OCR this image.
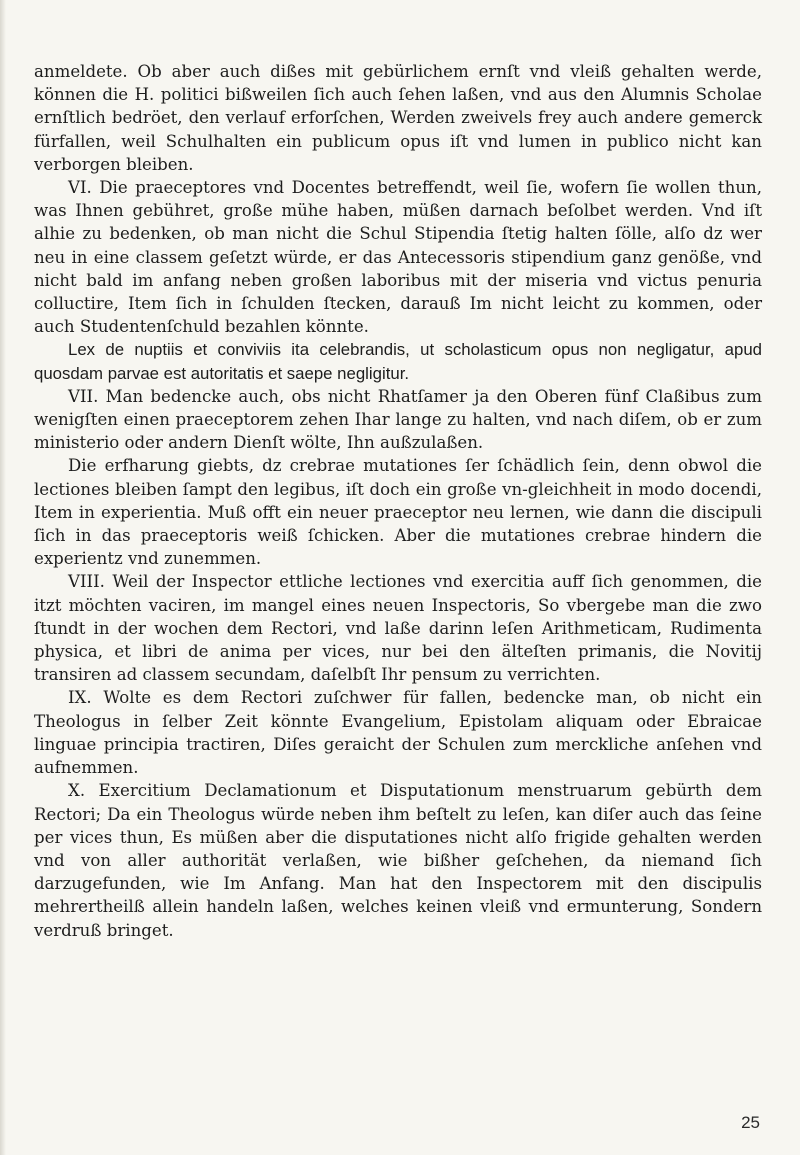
anmeldete. Ob aber auch dißes mit gebürlichem ernſt vnd vleiß gehalten werde, können die H. politici bißweilen ſich auch ſehen laßen, vnd aus den Alumnis Scholae ernſtlich bedröet, den verlauf erforſchen, Werden zweivels frey auch andere gemerck fürfallen, weil Schulhalten ein publicum opus iſt vnd lumen in publico nicht kan verborgen bleiben.

VI. Die praeceptores vnd Docentes betreffendt, weil ſie, wofern ſie wollen thun, was Ihnen gebühret, große mühe haben, müßen darnach beſolbet werden. Vnd iſt alhie zu bedenken, ob man nicht die Schul Stipendia ſtetig halten ſölle, alſo dz wer neu in eine classem geſetzt würde, er das Antecessoris stipendium ganz genöße, vnd nicht bald im anfang neben großen laboribus mit der miseria vnd victus penuria colluctire, Item ſich in ſchulden ſtecken, darauß Im nicht leicht zu kommen, oder auch Studentenſchuld bezahlen könnte.

Lex de nuptiis et conviviis ita celebrandis, ut scholasticum opus non negligatur, apud quosdam parvae est autoritatis et saepe negligitur.

VII. Man bedencke auch, obs nicht Rhatſamer ja den Oberen fünf Claßibus zum wenigſten einen praeceptorem zehen Ihar lange zu halten, vnd nach diſem, ob er zum ministerio oder andern Dienſt wölte, Ihn außzulaßen.

Die erfharung giebts, dz crebrae mutationes ſer ſchädlich ſein, denn obwol die lectiones bleiben ſampt den legibus, iſt doch ein große vn-gleichheit in modo docendi, Item in experientia. Muß offt ein neuer praeceptor neu lernen, wie dann die discipuli ſich in das praeceptoris weiß ſchicken. Aber die mutationes crebrae hindern die experientz vnd zunemmen.

VIII. Weil der Inspector ettliche lectiones vnd exercitia auff ſich genommen, die itzt möchten vaciren, im mangel eines neuen Inspectoris, So vbergebe man die zwo ſtundt in der wochen dem Rectori, vnd laße darinn leſen Arithmeticam, Rudimenta physica, et libri de anima per vices, nur bei den älteſten primanis, die Novitij transiren ad classem secundam, daſelbſt Ihr pensum zu verrichten.

IX. Wolte es dem Rectori zuſchwer für fallen, bedencke man, ob nicht ein Theologus in ſelber Zeit könnte Evangelium, Epistolam aliquam oder Ebraicae linguae principia tractiren, Diſes geraicht der Schulen zum merckliche anſehen vnd aufnemmen.

X. Exercitium Declamationum et Disputationum menstruarum gebürth dem Rectori; Da ein Theologus würde neben ihm beſtelt zu leſen, kan diſer auch das ſeine per vices thun, Es müßen aber die disputationes nicht alſo frigide gehalten werden vnd von aller authorität verlaßen, wie bißher geſchehen, da niemand ſich darzugefunden, wie Im Anfang. Man hat den Inspectorem mit den discipulis mehrertheilß allein handeln laßen, welches keinen vleiß vnd ermunterung, Sondern verdruß bringet.

25
